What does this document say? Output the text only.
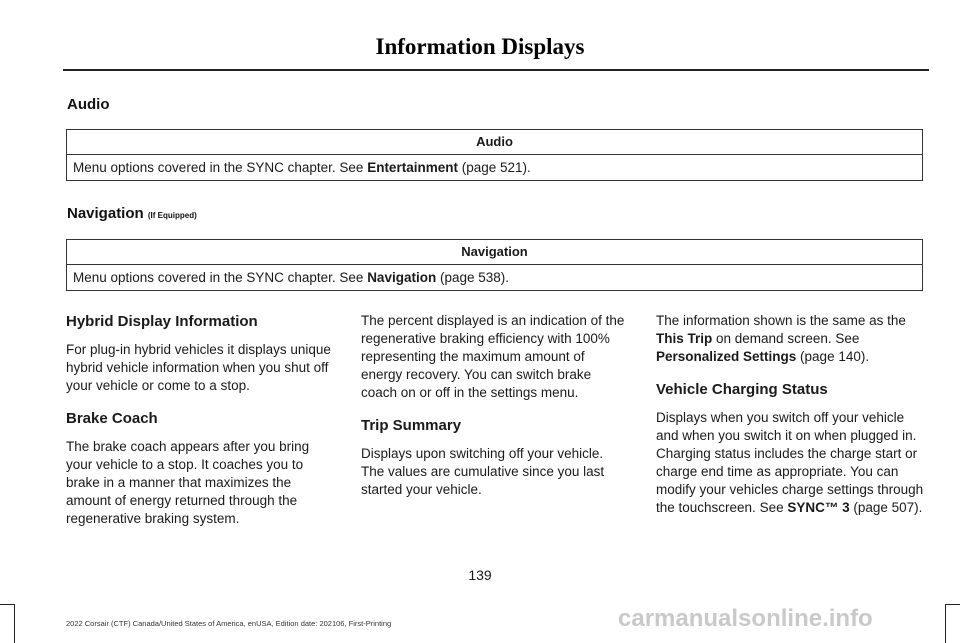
Information Displays
Audio
Audio
Menu options covered in the SYNC chapter. See Entertainment (page 521).
Navigation (If Equipped)
Navigation
Menu options covered in the SYNC chapter. See Navigation (page 538).
Hybrid Display Information

For plug-in hybrid vehicles it displays unique hybrid vehicle information when you shut off your vehicle or come to a stop.

Brake Coach

The brake coach appears after you bring your vehicle to a stop. It coaches you to brake in a manner that maximizes the amount of energy returned through the regenerative braking system.

The percent displayed is an indication of the regenerative braking efficiency with 100% representing the maximum amount of energy recovery. You can switch brake coach on or off in the settings menu.

Trip Summary

Displays upon switching off your vehicle. The values are cumulative since you last started your vehicle.

The information shown is the same as the This Trip on demand screen. See Personalized Settings (page 140).

Vehicle Charging Status

Displays when you switch off your vehicle and when you switch it on when plugged in. Charging status includes the charge start or charge end time as appropriate. You can modify your vehicles charge settings through the touchscreen. See SYNC™ 3 (page 507).

139
2022 Corsair (CTF) Canada/United States of America, enUSA, Edition date: 202106, First-Printing	carmanualsonline.info
